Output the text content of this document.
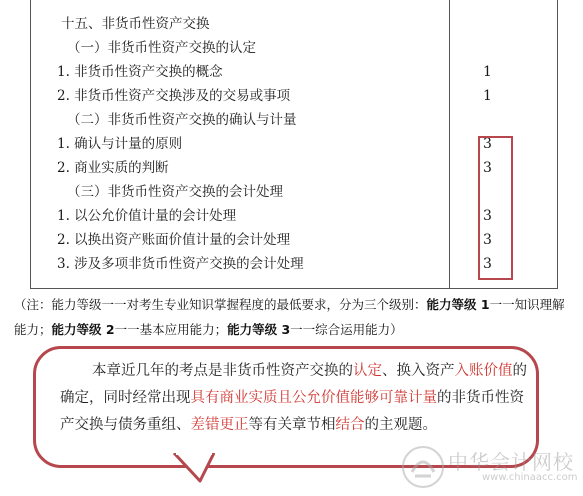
十五、非货币性资产交换
（一）非货币性资产交换的认定
1. 非货币性资产交换的概念	1
2. 非货币性资产交换涉及的交易或事项	1
（二）非货币性资产交换的确认与计量
1. 确认与计量的原则	3
2. 商业实质的判断	3
（三）非货币性资产交换的会计处理
1. 以公允价值计量的会计处理	3
2. 以换出资产账面价值计量的会计处理	3
3. 涉及多项非货币性资产交换的会计处理	3
（注：能力等级一一对考生专业知识掌握程度的最低要求，分为三个级别：能力等级 1一一知识理解能力；能力等级 2一一基本应用能力；能力等级 3一一综合运用能力）
本章近几年的考点是非货币性资产交换的认定、换入资产入账价值的确定，同时经常出现具有商业实质且公允价值能够可靠计量的非货币性资产交换与债务重组、差错更正等有关章节相结合的主观题。
中华会计网校
www.chinaacc.com
